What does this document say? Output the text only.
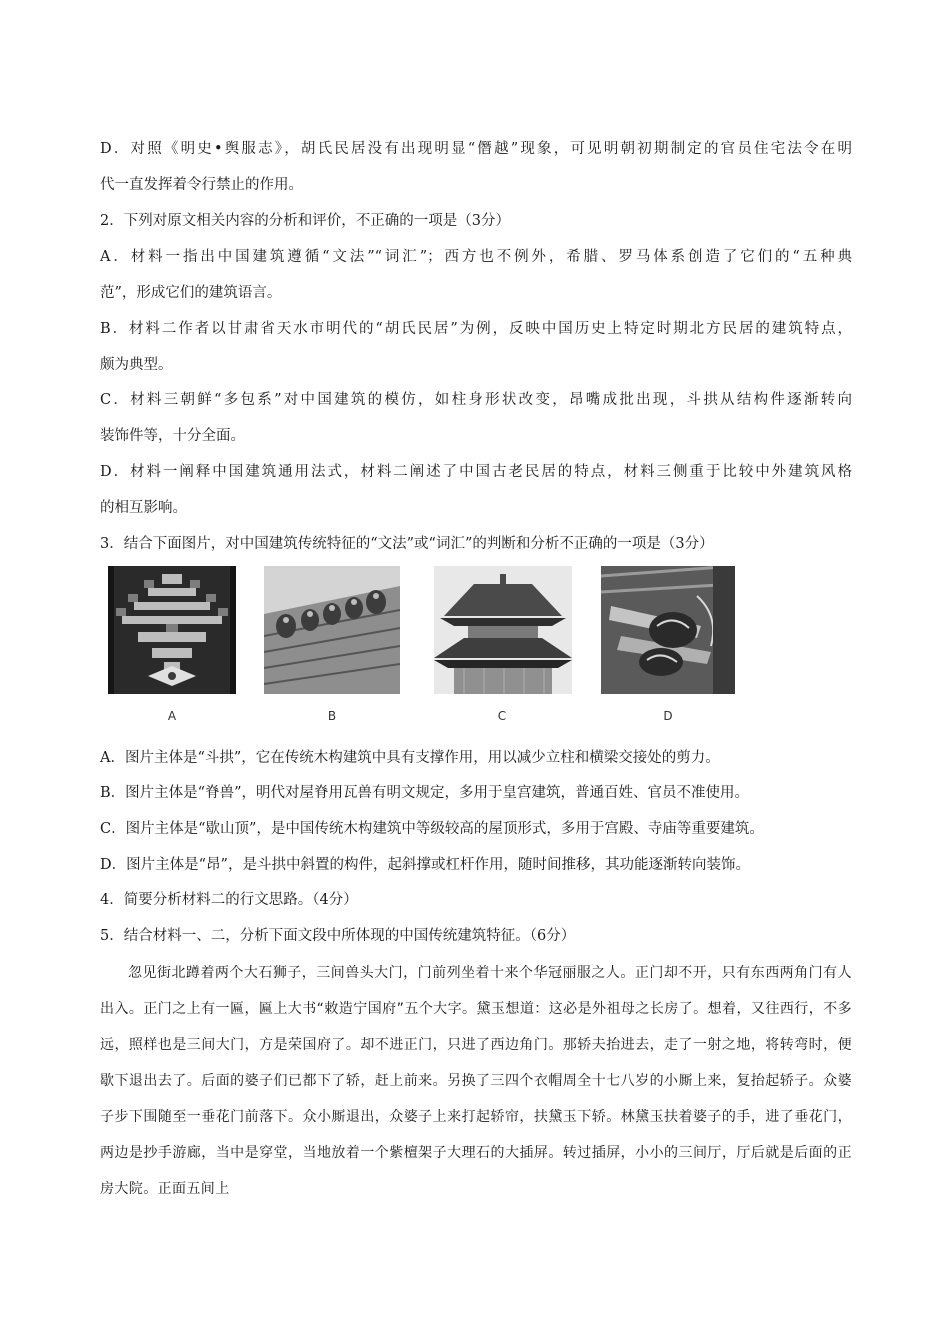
D．对照《明史•舆服志》，胡氏民居没有出现明显“僭越”现象，可见明朝初期制定的官员住宅法令在明

代一直发挥着令行禁止的作用。

2．下列对原文相关内容的分析和评价，不正确的一项是（3分）

A．材料一指出中国建筑遵循“文法”“词汇”；西方也不例外，希腊、罗马体系创造了它们的“五种典

范”，形成它们的建筑语言。

B．材料二作者以甘肃省天水市明代的“胡氏民居”为例，反映中国历史上特定时期北方民居的建筑特点，

颇为典型。

C．材料三朝鲜“多包系”对中国建筑的模仿，如柱身形状改变，昂嘴成批出现，斗拱从结构件逐渐转向

装饰件等，十分全面。

D．材料一阐释中国建筑通用法式，材料二阐述了中国古老民居的特点，材料三侧重于比较中外建筑风格

的相互影响。

3．结合下面图片，对中国建筑传统特征的“文法”或“词汇”的判断和分析不正确的一项是（3分）

A	B	C	D

A．图片主体是“斗拱”，它在传统木构建筑中具有支撑作用，用以减少立柱和横梁交接处的剪力。

B．图片主体是“脊兽”，明代对屋脊用瓦兽有明文规定，多用于皇宫建筑，普通百姓、官员不准使用。

C．图片主体是“歇山顶”，是中国传统木构建筑中等级较高的屋顶形式，多用于宫殿、寺庙等重要建筑。

D．图片主体是“昂”，是斗拱中斜置的构件，起斜撑或杠杆作用，随时间推移，其功能逐渐转向装饰。

4．简要分析材料二的行文思路。（4分）

5．结合材料一、二，分析下面文段中所体现的中国传统建筑特征。（6分）

忽见街北蹲着两个大石狮子，三间兽头大门，门前列坐着十来个华冠丽服之人。正门却不开，只有东西两角门有人出入。正门之上有一匾，匾上大书“敕造宁国府”五个大字。黛玉想道：这必是外祖母之长房了。想着，又往西行，不多远，照样也是三间大门，方是荣国府了。却不进正门，只进了西边角门。那轿夫抬进去，走了一射之地，将转弯时，便歇下退出去了。后面的婆子们已都下了轿，赶上前来。另换了三四个衣帽周全十七八岁的小厮上来，复抬起轿子。众婆子步下围随至一垂花门前落下。众小厮退出，众婆子上来打起轿帘，扶黛玉下轿。林黛玉扶着婆子的手，进了垂花门，两边是抄手游廊，当中是穿堂，当地放着一个紫檀架子大理石的大插屏。转过插屏，小小的三间厅，厅后就是后面的正房大院。正面五间上
